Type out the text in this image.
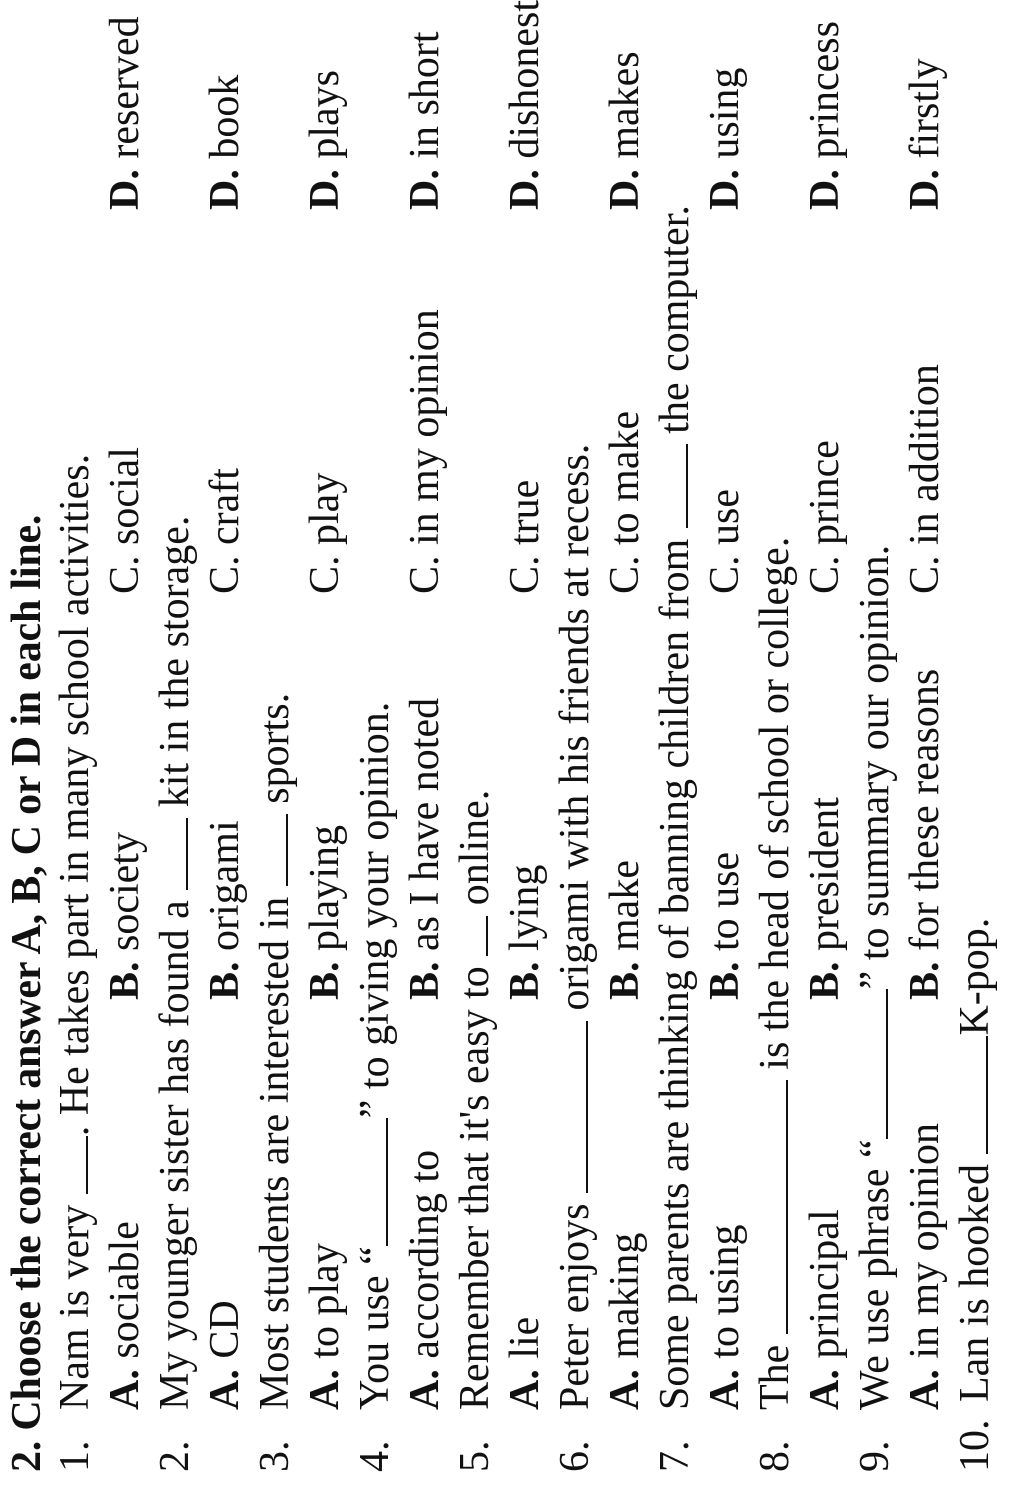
2. Choose the correct answer A, B, C or D in each line. 1.
Nam is very . He takes part in many school activities.
A. sociable
B. society
C. social
D. reserved
2.
My younger sister has found a  kit in the storage.
A. CD
B. origami
C. craft
D. book
3.
Most students are interested in  sports.
A. to play
B. playing
C. play
D. plays
4.
You use “” to giving your opinion.
A. according to
B. as I have noted
C. in my opinion
D. in short
5.
Remember that it's easy to  online.
A. lie
B. lying
C. true
D. dishonest
6.
Peter enjoys  origami with his friends at recess.
A. making
B. make
C. to make
D. makes
7.
Some parents are thinking of banning children from  the computer.
A. to using
B. to use
C. use
D. using
8.
The  is the head of school or college.
A. principal
B. president
C. prince
D. princess
9.
We use phrase “” to summary our opinion.
A. in my opinion
B. for these reasons
C. in addition
D. firstly
10.
Lan is hooked K-pop.
